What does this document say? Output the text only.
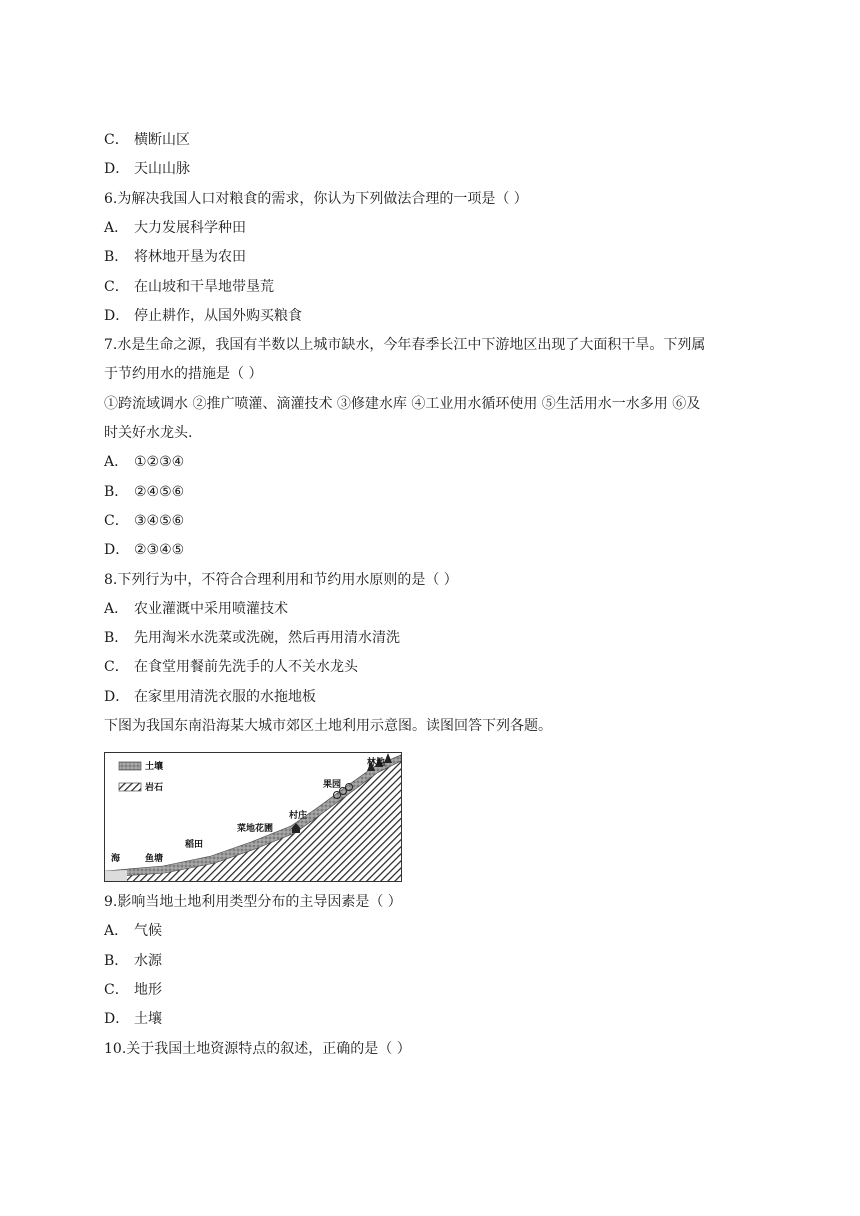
C． 横断山区
D． 天山山脉
6.为解决我国人口对粮食的需求，你认为下列做法合理的一项是（ ）
A． 大力发展科学种田
B． 将林地开垦为农田
C． 在山坡和干旱地带垦荒
D． 停止耕作，从国外购买粮食
7.水是生命之源，我国有半数以上城市缺水，今年春季长江中下游地区出现了大面积干旱。下列属
于节约用水的措施是（ ）
①跨流域调水 ②推广喷灌、滴灌技术 ③修建水库 ④工业用水循环使用 ⑤生活用水一水多用 ⑥及
时关好水龙头.
A． ①②③④
B． ②④⑤⑥
C． ③④⑤⑥
D． ②③④⑤
8.下列行为中，不符合合理利用和节约用水原则的是（ ）
A． 农业灌溉中采用喷灌技术
B． 先用淘米水洗菜或洗碗，然后再用清水清洗
C． 在食堂用餐前先洗手的人不关水龙头
D． 在家里用清洗衣服的水拖地板
下图为我国东南沿海某大城市郊区土地利用示意图。读图回答下列各题。
9.影响当地土地利用类型分布的主导因素是（ ）
A． 气候
B． 水源
C． 地形
D． 土壤
10.关于我国土地资源特点的叙述，正确的是（ ）
土壤
岩石
海	鱼塘
稻田
菜地花圃
村庄
果园
林地
